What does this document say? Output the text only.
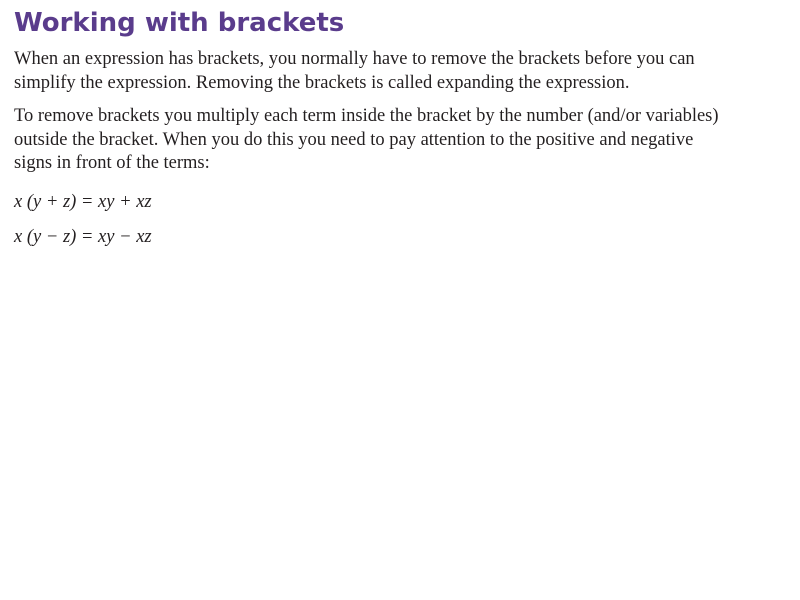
Working with brackets

When an expression has brackets, you normally have to remove the brackets before you can
simplify the expression. Removing the brackets is called expanding the expression.

To remove brackets you multiply each term inside the bracket by the number (and/or variables)
outside the bracket. When you do this you need to pay attention to the positive and negative
signs in front of the terms:

x (y + z) = xy + xz
x (y − z) = xy − xz
